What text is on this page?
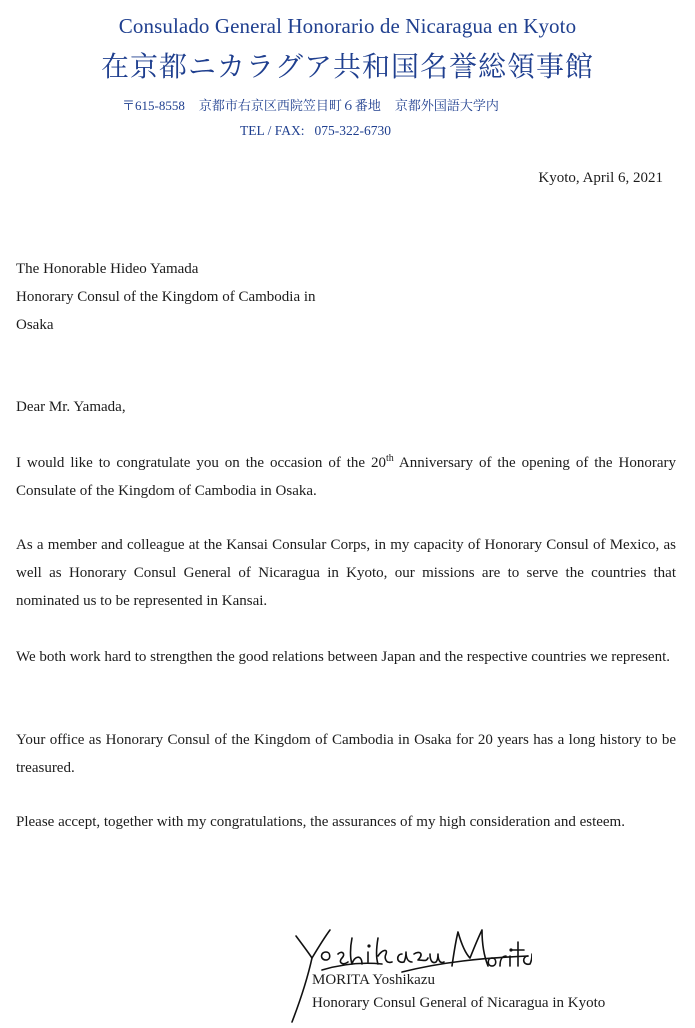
Consulado General Honorario de Nicaragua en Kyoto
在京都ニカラグア共和国名誉総領事館
〒615-8558 京都市右京区西院笠目町６番地 京都外国語大学内
TEL / FAX: 075-322-6730
Kyoto, April 6, 2021
The Honorable Hideo Yamada
Honorary Consul of the Kingdom of Cambodia in
Osaka

Dear Mr. Yamada,

I would like to congratulate you on the occasion of the 20th Anniversary of the opening of the Honorary Consulate of the Kingdom of Cambodia in Osaka.

As a member and colleague at the Kansai Consular Corps, in my capacity of Honorary Consul of Mexico, as well as Honorary Consul General of Nicaragua in Kyoto, our missions are to serve the countries that nominated us to be represented in Kansai.

We both work hard to strengthen the good relations between Japan and the respective countries we represent.

Your office as Honorary Consul of the Kingdom of Cambodia in Osaka for 20 years has a long history to be treasured.

Please accept, together with my congratulations, the assurances of my high consideration and esteem.

MORITA Yoshikazu
Honorary Consul General of Nicaragua in Kyoto
